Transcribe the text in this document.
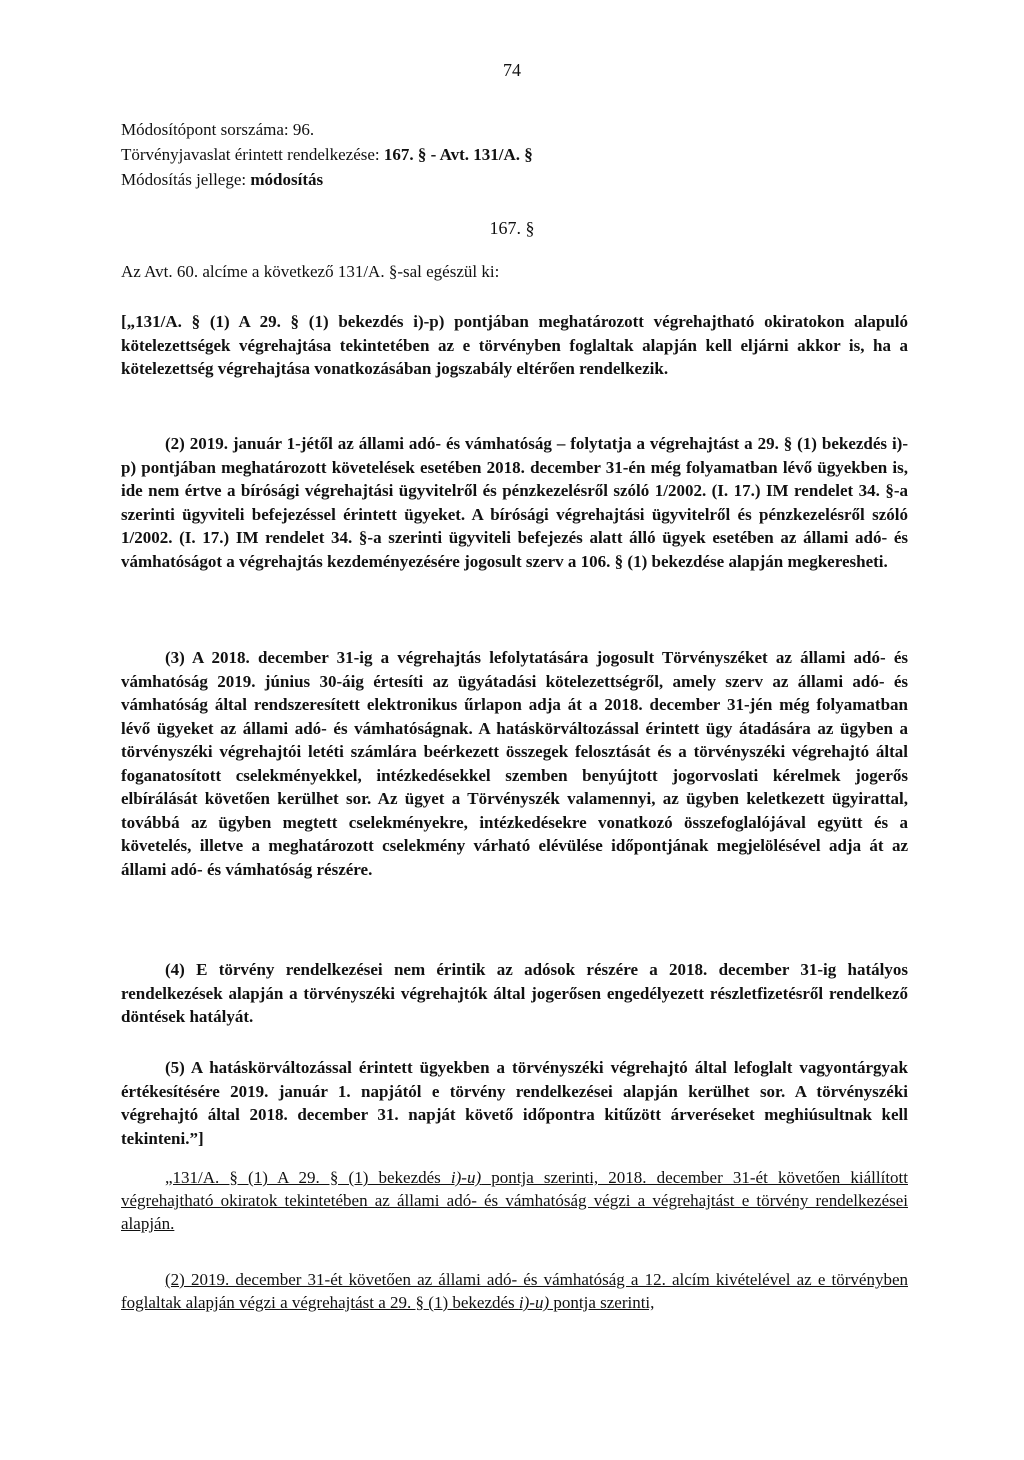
74
Módosítópont sorszáma: 96.
Törvényjavaslat érintett rendelkezése: 167. § - Avt. 131/A. §
Módosítás jellege: módosítás
167. §
Az Avt. 60. alcíme a következő 131/A. §-sal egészül ki:

[„131/A. § (1) A 29. § (1) bekezdés i)-p) pontjában meghatározott végrehajtható okiratokon alapuló kötelezettségek végrehajtása tekintetében az e törvényben foglaltak alapján kell eljárni akkor is, ha a kötelezettség végrehajtása vonatkozásában jogszabály eltérően rendelkezik.

(2) 2019. január 1-jétől az állami adó- és vámhatóság – folytatja a végrehajtást a 29. § (1) bekezdés i)-p) pontjában meghatározott követelések esetében 2018. december 31-én még folyamatban lévő ügyekben is, ide nem értve a bírósági végrehajtási ügyvitelről és pénzkezelésről szóló 1/2002. (I. 17.) IM rendelet 34. §-a szerinti ügyviteli befejezéssel érintett ügyeket. A bírósági végrehajtási ügyvitelről és pénzkezelésről szóló 1/2002. (I. 17.) IM rendelet 34. §-a szerinti ügyviteli befejezés alatt álló ügyek esetében az állami adó- és vámhatóságot a végrehajtás kezdeményezésére jogosult szerv a 106. § (1) bekezdése alapján megkeresheti.

(3) A 2018. december 31-ig a végrehajtás lefolytatására jogosult Törvényszéket az állami adó- és vámhatóság 2019. június 30-áig értesíti az ügyátadási kötelezettségről, amely szerv az állami adó- és vámhatóság által rendszeresített elektronikus űrlapon adja át a 2018. december 31-jén még folyamatban lévő ügyeket az állami adó- és vámhatóságnak. A hatáskörváltozással érintett ügy átadására az ügyben a törvényszéki végrehajtói letéti számlára beérkezett összegek felosztását és a törvényszéki végrehajtó által foganatosított cselekményekkel, intézkedésekkel szemben benyújtott jogorvoslati kérelmek jogerős elbírálását követően kerülhet sor. Az ügyet a Törvényszék valamennyi, az ügyben keletkezett ügyirattal, továbbá az ügyben megtett cselekményekre, intézkedésekre vonatkozó összefoglalójával együtt és a követelés, illetve a meghatározott cselekmény várható elévülése időpontjának megjelölésével adja át az állami adó- és vámhatóság részére.

(4) E törvény rendelkezései nem érintik az adósok részére a 2018. december 31-ig hatályos rendelkezések alapján a törvényszéki végrehajtók által jogerősen engedélyezett részletfizetésről rendelkező döntések hatályát.

(5) A hatáskörváltozással érintett ügyekben a törvényszéki végrehajtó által lefoglalt vagyontárgyak értékesítésére 2019. január 1. napjától e törvény rendelkezései alapján kerülhet sor. A törvényszéki végrehajtó által 2018. december 31. napját követő időpontra kitűzött árveréseket meghiúsultnak kell tekinteni.”]

„131/A. § (1) A 29. § (1) bekezdés i)-u) pontja szerinti, 2018. december 31-ét követően kiállított végrehajtható okiratok tekintetében az állami adó- és vámhatóság végzi a végrehajtást e törvény rendelkezései alapján.

(2) 2019. december 31-ét követően az állami adó- és vámhatóság a 12. alcím kivételével az e törvényben foglaltak alapján végzi a végrehajtást a 29. § (1) bekezdés i)-u) pontja szerinti,
